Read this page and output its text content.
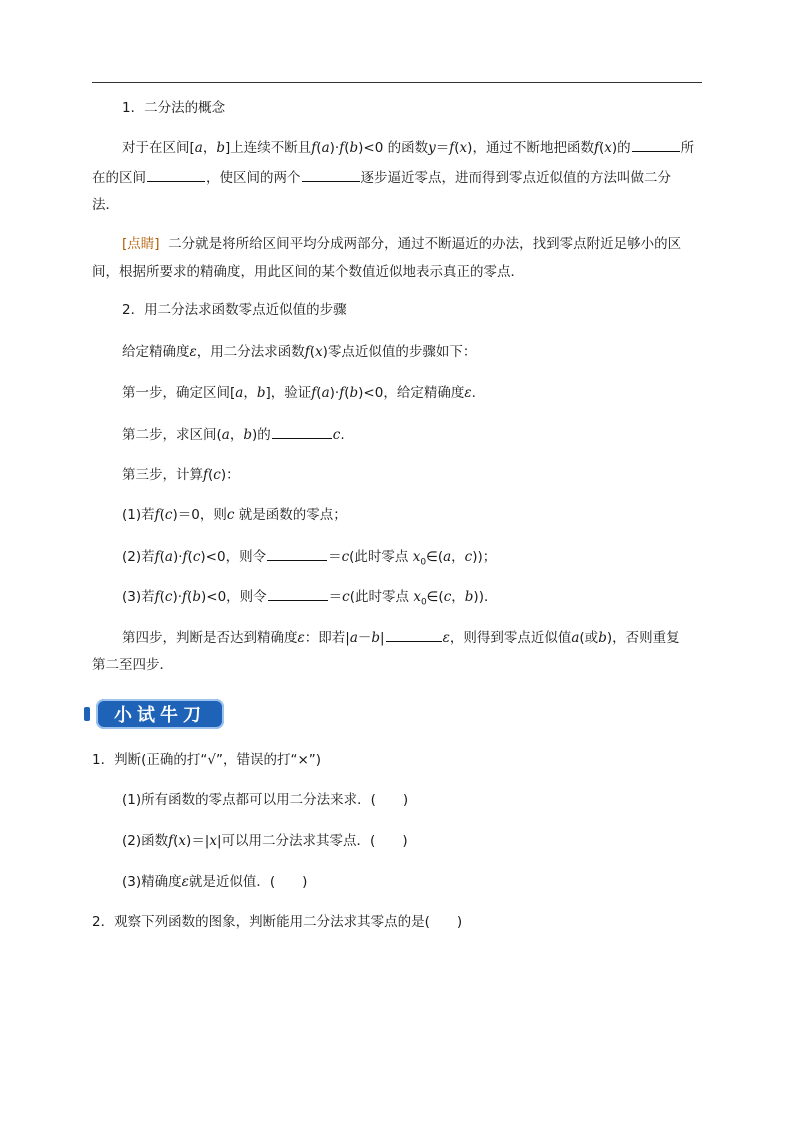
1．二分法的概念
对于在区间[a，b]上连续不断且f(a)·f(b)<0 的函数y＝f(x)，通过不断地把函数f(x)的	所
在的区间	，使区间的两个	逐步逼近零点，进而得到零点近似值的方法叫做二分
法．
[点睛] 二分就是将所给区间平均分成两部分，通过不断逼近的办法，找到零点附近足够小的区
间，根据所要求的精确度，用此区间的某个数值近似地表示真正的零点．
2．用二分法求函数零点近似值的步骤
给定精确度ε，用二分法求函数f(x)零点近似值的步骤如下：
第一步，确定区间[a，b]，验证f(a)·f(b)<0，给定精确度ε.
第二步，求区间(a，b)的	c.
第三步，计算f(c)：
(1)若f(c)＝0，则c 就是函数的零点；
(2)若f(a)·f(c)<0，则令	＝c(此时零点 $x_0\in(a$，c))；
(3)若f(c)·f(b)<0，则令	＝c(此时零点 $x_0\in(c$，b))．
第四步，判断是否达到精确度ε：即若|a－b|	ε，则得到零点近似值a(或b)，否则重复
第二至四步．
小试牛刀
1．判断(正确的打“√”，错误的打“×”)
(1)所有函数的零点都可以用二分法来求．(　　)
(2)函数f(x)＝|x|可以用二分法求其零点．(　　)
(3)精确度ε就是近似值．(　　)
2．观察下列函数的图象，判断能用二分法求其零点的是(　　)
